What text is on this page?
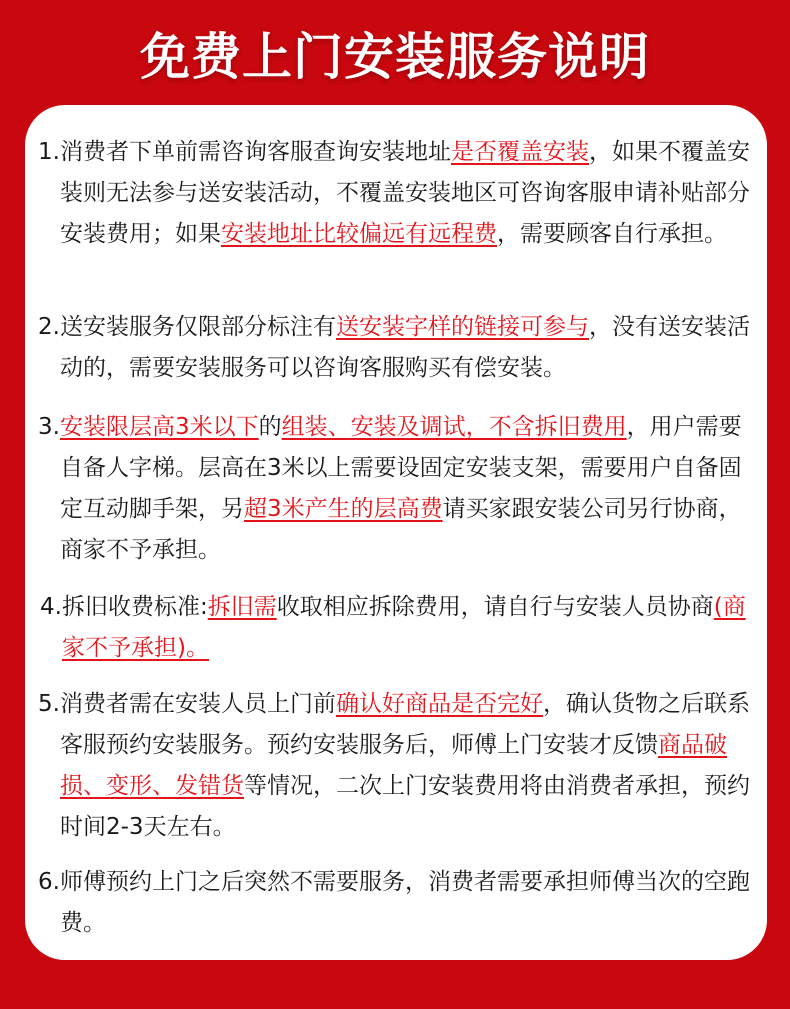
免费上门安装服务说明
1. 消费者下单前需咨询客服查询安装地址是否覆盖安装，如果不覆盖安装则无法参与送安装活动，不覆盖安装地区可咨询客服申请补贴部分安装费用；如果安装地址比较偏远有远程费，需要顾客自行承担。
2. 送安装服务仅限部分标注有送安装字样的链接可参与，没有送安装活动的，需要安装服务可以咨询客服购买有偿安装。
3. 安装限层高3米以下的组装、安装及调试，不含拆旧费用，用户需要自备人字梯。层高在3米以上需要设固定安装支架，需要用户自备固定互动脚手架，另超3米产生的层高费请买家跟安装公司另行协商，商家不予承担。
4. 拆旧收费标准:拆旧需收取相应拆除费用，请自行与安装人员协商(商家不予承担)。
5. 消费者需在安装人员上门前确认好商品是否完好，确认货物之后联系客服预约安装服务。预约安装服务后，师傅上门安装才反馈商品破损、变形、发错货等情况，二次上门安装费用将由消费者承担，预约时间2-3天左右。
6. 师傅预约上门之后突然不需要服务，消费者需要承担师傅当次的空跑费。
